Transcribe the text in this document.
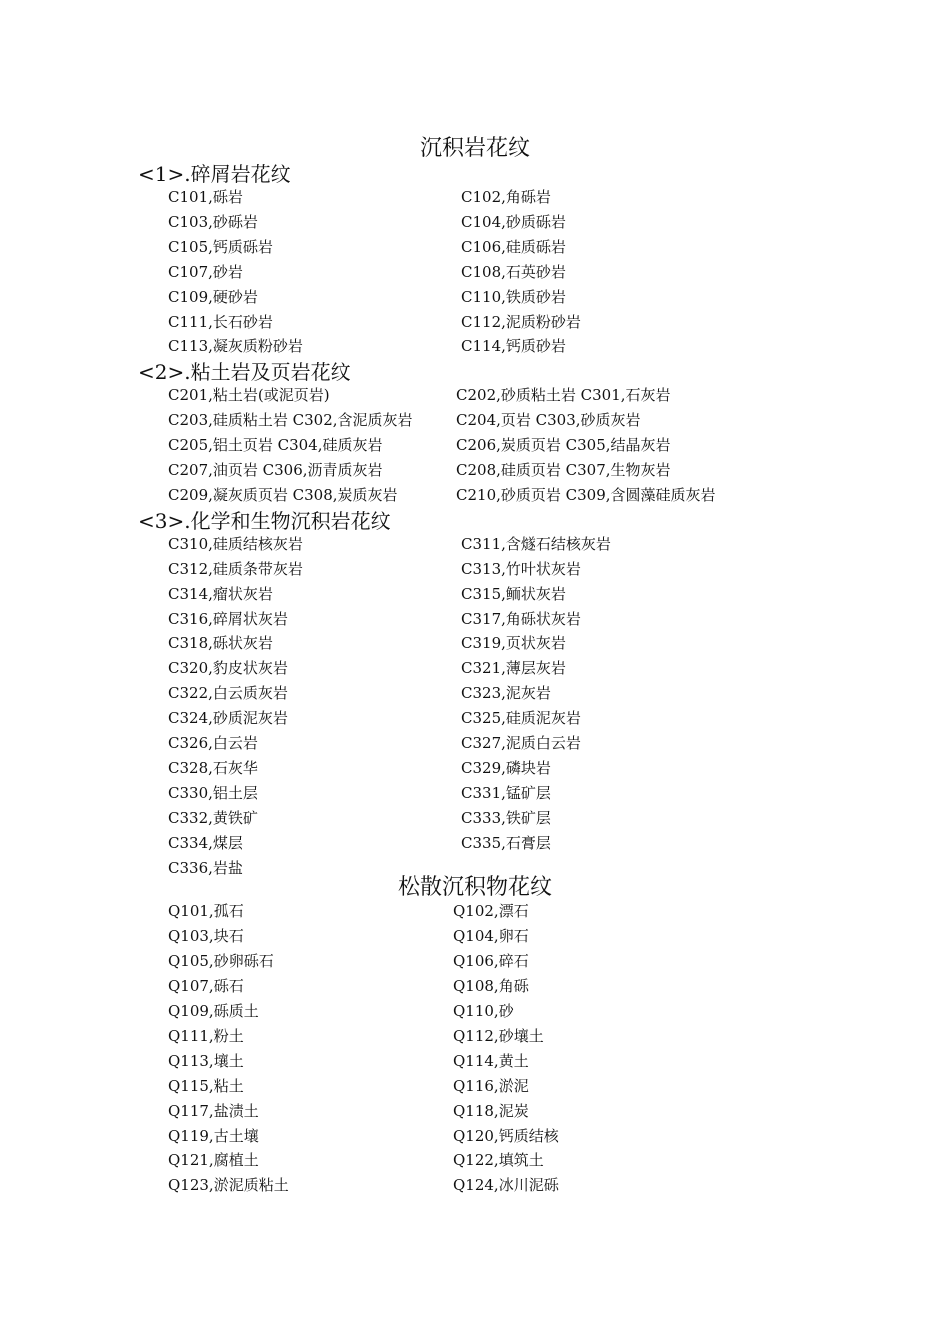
沉积岩花纹
<1>.碎屑岩花纹
C101,砾岩	C102,角砾岩
C103,砂砾岩	C104,砂质砾岩
C105,钙质砾岩	C106,硅质砾岩
C107,砂岩	C108,石英砂岩
C109,硬砂岩	C110,铁质砂岩
C111,长石砂岩	C112,泥质粉砂岩
C113,凝灰质粉砂岩	C114,钙质砂岩
<2>.粘土岩及页岩花纹
C201,粘土岩(或泥页岩)	C202,砂质粘土岩 C301,石灰岩
C203,硅质粘土岩 C302,含泥质灰岩	C204,页岩 C303,砂质灰岩
C205,铝土页岩 C304,硅质灰岩	C206,炭质页岩 C305,结晶灰岩
C207,油页岩 C306,沥青质灰岩	C208,硅质页岩 C307,生物灰岩
C209,凝灰质页岩 C308,炭质灰岩	C210,砂质页岩 C309,含圆藻硅质灰岩
<3>.化学和生物沉积岩花纹
C310,硅质结核灰岩	C311,含燧石结核灰岩
C312,硅质条带灰岩	C313,竹叶状灰岩
C314,瘤状灰岩	C315,鲕状灰岩
C316,碎屑状灰岩	C317,角砾状灰岩
C318,砾状灰岩	C319,页状灰岩
C320,豹皮状灰岩	C321,薄层灰岩
C322,白云质灰岩	C323,泥灰岩
C324,砂质泥灰岩	C325,硅质泥灰岩
C326,白云岩	C327,泥质白云岩
C328,石灰华	C329,磷块岩
C330,铝土层	C331,锰矿层
C332,黄铁矿	C333,铁矿层
C334,煤层	C335,石膏层
C336,岩盐
松散沉积物花纹
Q101,孤石	Q102,漂石
Q103,块石	Q104,卵石
Q105,砂卵砾石	Q106,碎石
Q107,砾石	Q108,角砾
Q109,砾质土	Q110,砂
Q111,粉土	Q112,砂壤土
Q113,壤土	Q114,黄土
Q115,粘土	Q116,淤泥
Q117,盐渍土	Q118,泥炭
Q119,古土壤	Q120,钙质结核
Q121,腐植土	Q122,填筑土
Q123,淤泥质粘土	Q124,冰川泥砾
